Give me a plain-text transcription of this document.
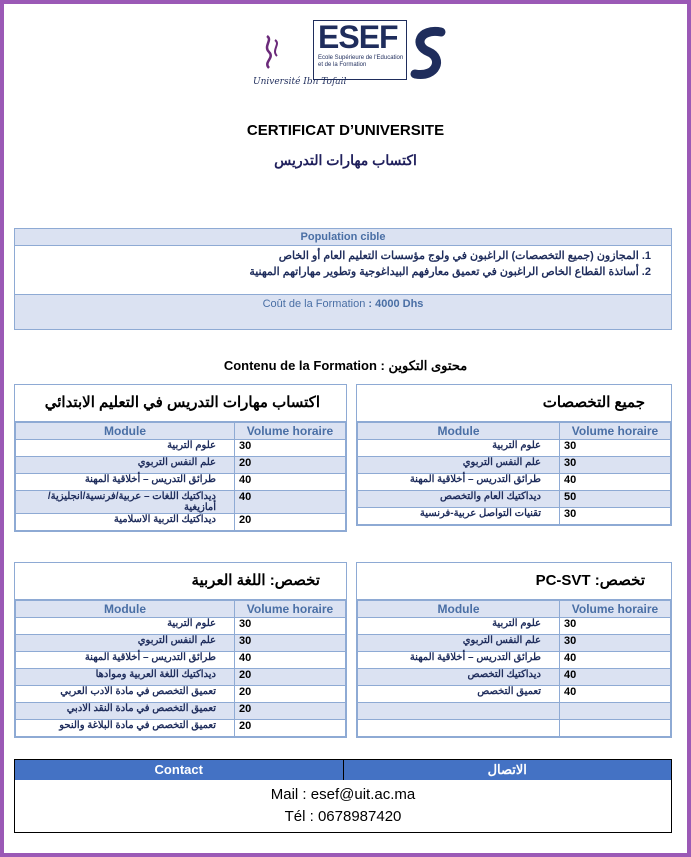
Université Ibn Tofail
ESEF
Ecole Supérieure de l'Education et de la Formation
CERTIFICAT D’UNIVERSITE
اكتساب مهارات التدريس
Population cible
1. المجازون (جميع التخصصات) الراغبون في ولوج مؤسسات التعليم العام أو الخاص
2. أساتذة القطاع الخاص الراغبون في تعميق معارفهم البيداغوجية وتطوير مهاراتهم المهنية
Coût de la Formation : 4000 Dhs
Contenu de la Formation : محتوى التكوين
اكتساب مهارات التدريس في التعليم الابتدائي
Module	Volume horaire
علوم التربية	30
علم النفس التربوي	20
طرائق التدريس – أخلاقية المهنة	40
ديداكتيك اللغات – عربية/فرنسية/انجليزية/أمازيغية	40
ديداكتيك التربية الاسلامية	20
جميع التخصصات
Module	Volume horaire
علوم التربية	30
علم النفس التربوي	30
طرائق التدريس – أخلاقية المهنة	40
ديداكتيك العام والتخصص	50
تقنيات التواصل عربية-فرنسية	30
تخصص: اللغة العربية
Module	Volume horaire
علوم التربية	30
علم النفس التربوي	30
طرائق التدريس – أخلاقية المهنة	40
ديداكتيك اللغة العربية وموادها	20
تعميق التخصص في مادة الادب العربي	20
تعميق التخصص في مادة النقد الادبي	20
تعميق التخصص في مادة البلاغة والنحو	20
تخصص: PC-SVT
Module	Volume horaire
علوم التربية	30
علم النفس التربوي	30
طرائق التدريس – أخلاقية المهنة	40
ديداكتيك التخصص	40
تعميق التخصص	40

Contact	الاتصال
Mail : esef@uit.ac.ma
Tél : 0678987420
